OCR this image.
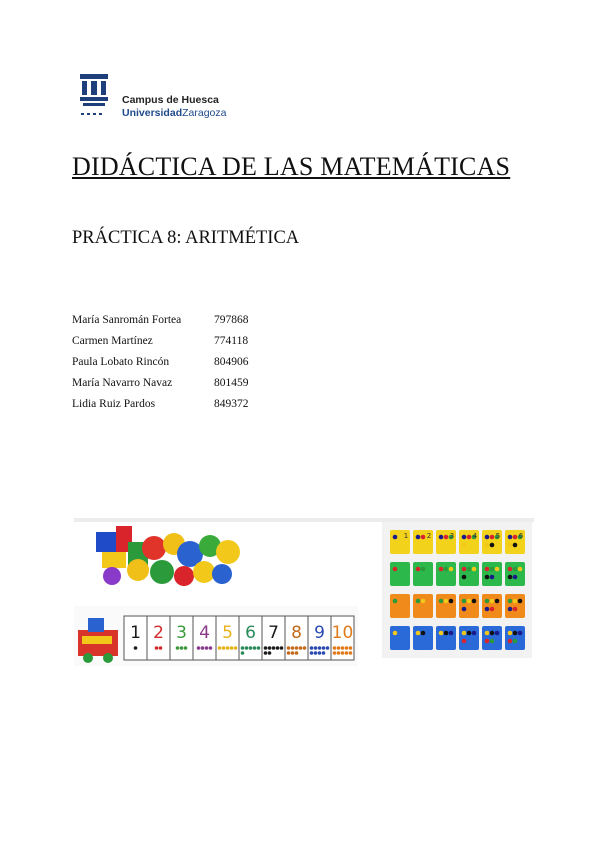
Campus de Huesca
UniversidadZaragoza
DIDÁCTICA DE LAS MATEMÁTICAS
PRÁCTICA 8: ARITMÉTICA
María Sanromán Fortea	797868
Carmen Martínez	774118
Paula Lobato Rincón	804906
María Navarro Navaz	801459
Lidia Ruiz Pardos	849372
1	2	3	4	5	6
1 2 3 4 5 6 7 8 9 10
